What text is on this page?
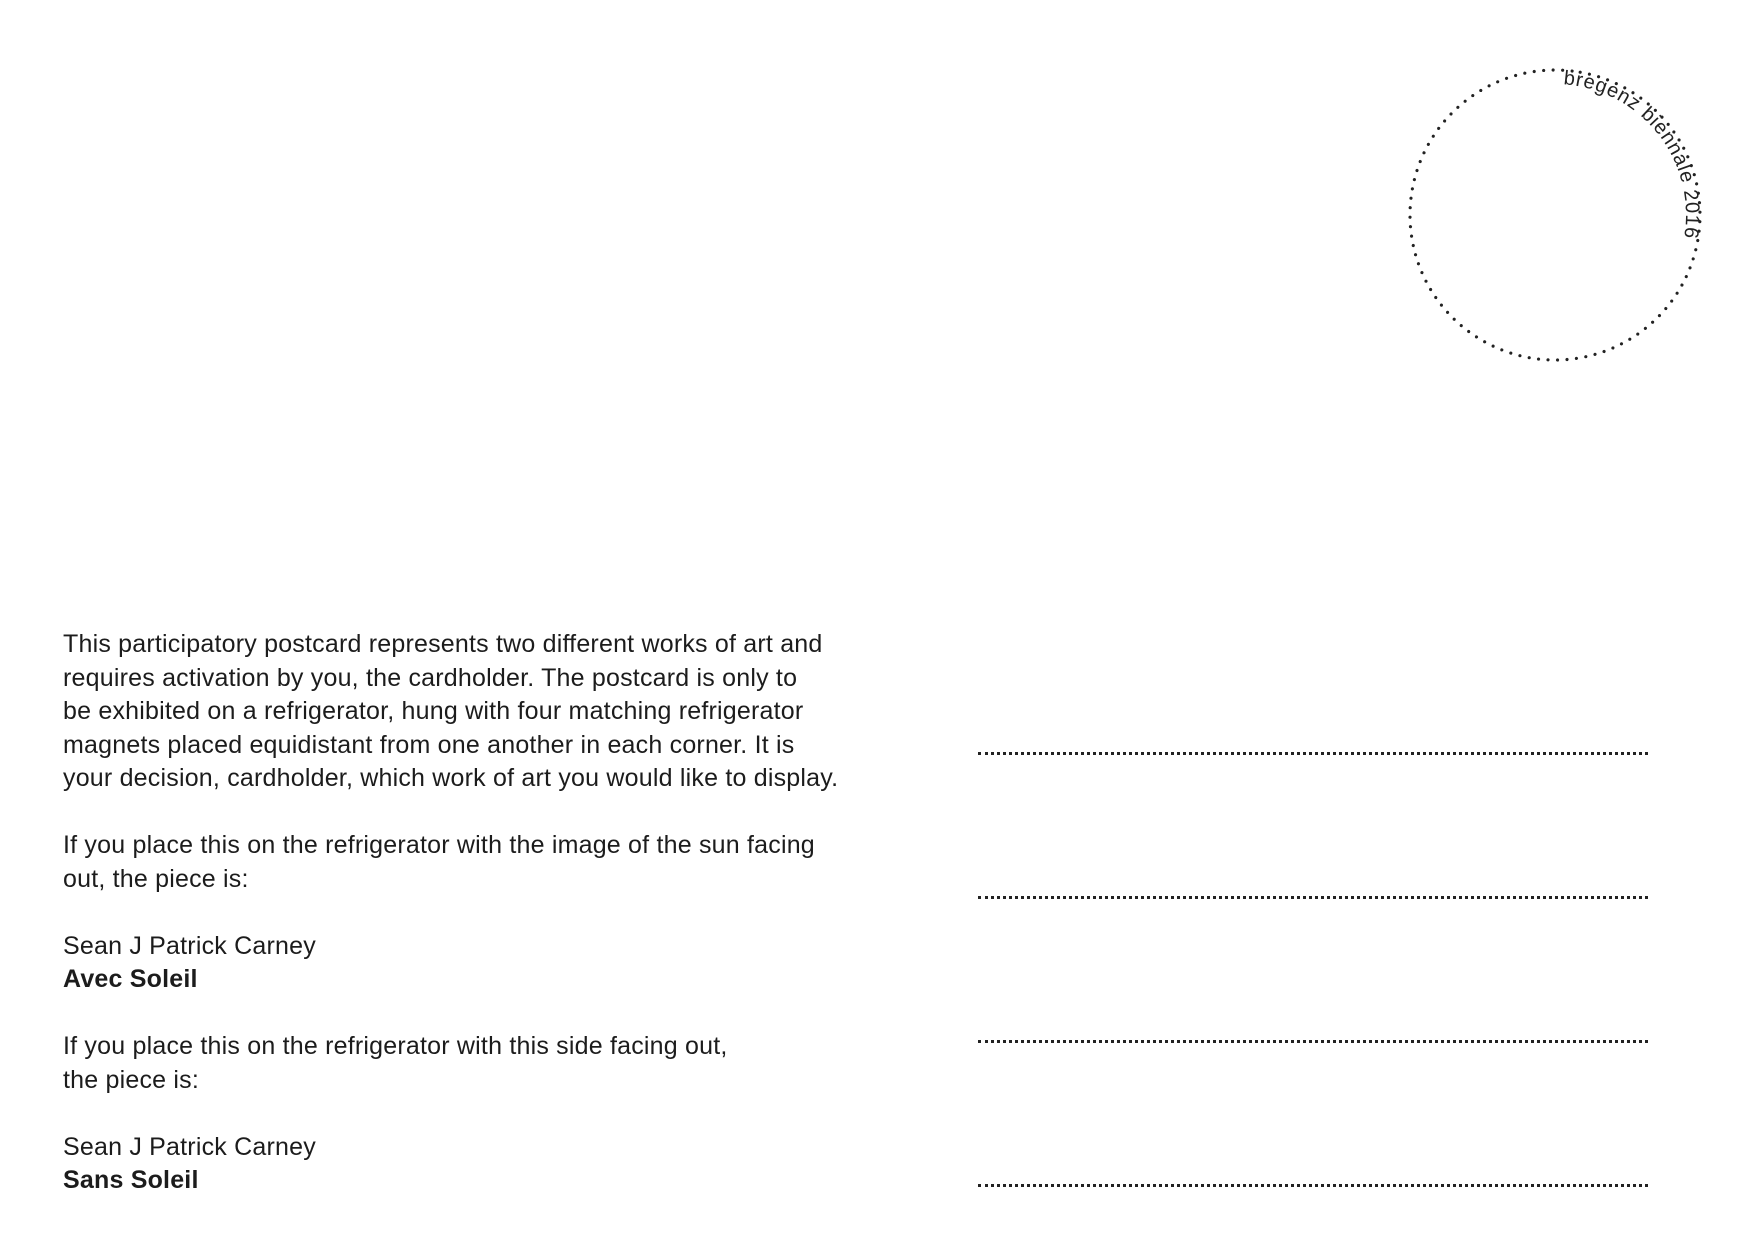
bregenz biennale 2016

This participatory postcard represents two different works of art and

requires activation by you, the cardholder. The postcard is only to

be exhibited on a refrigerator, hung with four matching refrigerator

magnets placed equidistant from one another in each corner. It is

your decision, cardholder, which work of art you would like to display.

If you place this on the refrigerator with the image of the sun facing

out, the piece is:

Sean J Patrick Carney

Avec Soleil

If you place this on the refrigerator with this side facing out,

the piece is:

Sean J Patrick Carney

Sans Soleil
